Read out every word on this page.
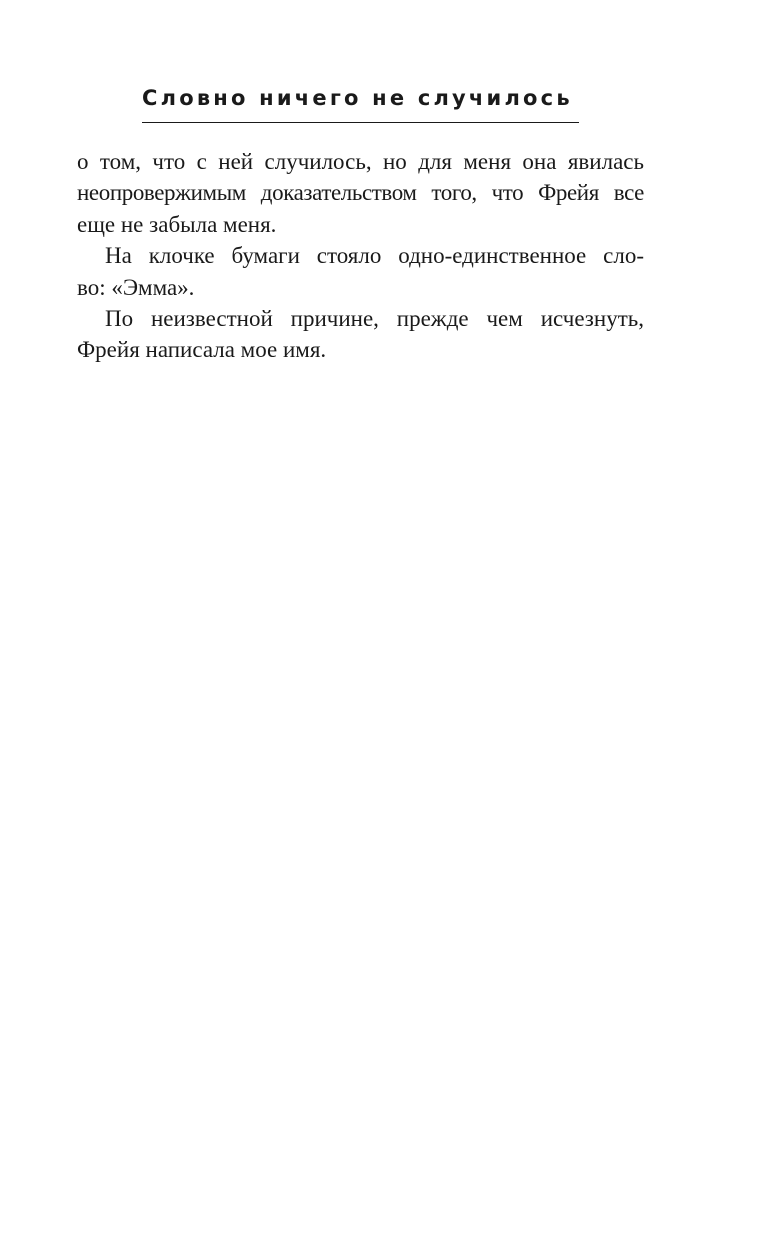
Словно ничего не случилось
о том, что с ней случилось, но для меня она явилась
неопровержимым доказательством того, что Фрейя все
еще не забыла меня.
На клочке бумаги стояло одно-единственное сло-
во: «Эмма».
По неизвестной причине, прежде чем исчезнуть,
Фрейя написала мое имя.
